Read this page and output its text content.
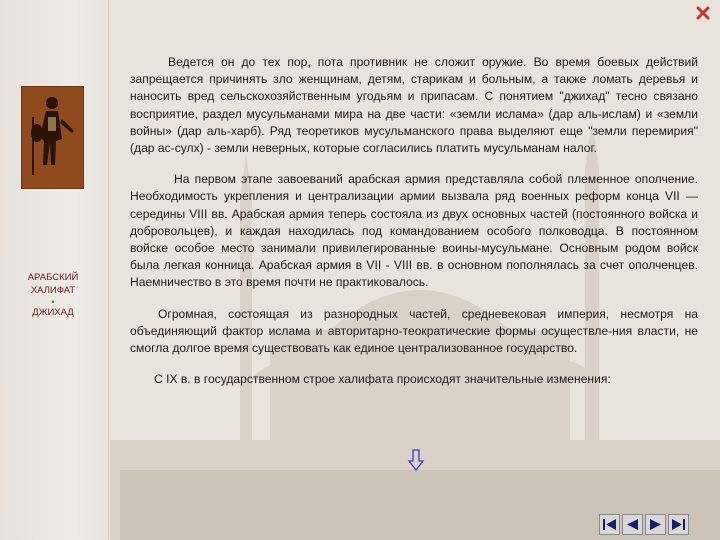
АРАБСКИЙ
ХАЛИФАТ
•
ДЖИХАД

Ведется он до тех пор, пота противник не сложит оружие. Во время боевых действий запрещается причинять зло женщинам, детям, старикам и больным, а также ломать деревья и наносить вред сельскохозяйственным угодьям и припасам. С понятием "джихад" тесно связано восприятие, раздел мусульманами мира на две части: «земли ислама» (дар аль-ислам) и «земли войны» (дар аль-харб). Ряд теоретиков мусульманского права выделяют еще "земли перемирия" (дар ас-сулх) - земли неверных, которые согласились платить мусульманам налог.

На первом этапе завоеваний арабская армия представляла собой племенное ополчение. Необходимость укрепления и централизации армии вызвала ряд военных реформ конца VII — середины VIII вв. Арабская армия теперь состояла из двух основных частей (постоянного войска и добровольцев), и каждая находилась под командованием особого полководца. В постоянном войске особое место занимали привилегированные воины-мусульмане. Основным родом войск была легкая конница. Арабская армия в VII - VIII вв. в основном пополнялась за счет ополченцев. Наемничество в это время почти не практиковалось.

Огромная, состоящая из разнородных частей, средневековая империя, несмотря на объединяющий фактор ислама и авторитарно-теократические формы осуществле-ния власти, не смогла долгое время существовать как единое централизованное государство.

С IX в. в государственном строе халифата происходят значительные изменения:
